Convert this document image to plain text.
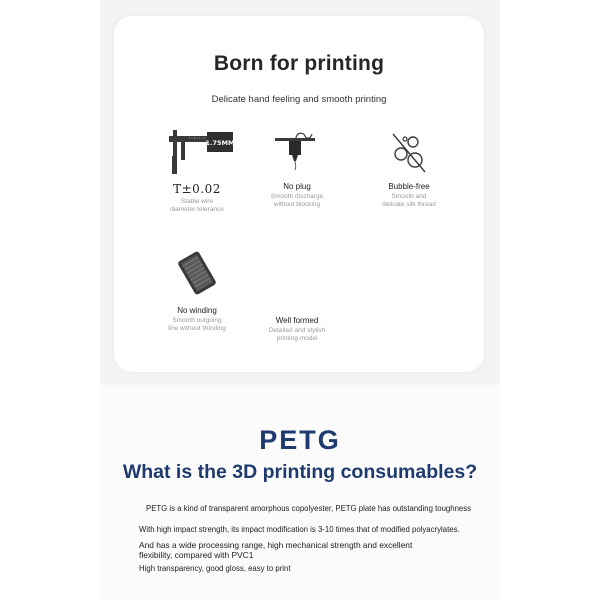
Born for printing
Delicate hand feeling and smooth printing
1.75MM
T±0.02
Stable wire
diameter telerance
No plug
Smooth discharge
without blocking
Bubble-free
Smooth and
delicate silk thread
No winding
Smooth outgoing
line without Winding
Well formed
Detailed and stylish
printing model
PETG
What is the 3D printing consumables?
PETG is a kind of transparent amorphous copolyester, PETG plate has outstanding toughness
With high impact strength, its impact modification is 3-10 times that of modified polyacrylates.
And has a wide processing range, high mechanical strength and excellent
flexibility, compared with PVC1
High transparency, good gloss, easy to print
